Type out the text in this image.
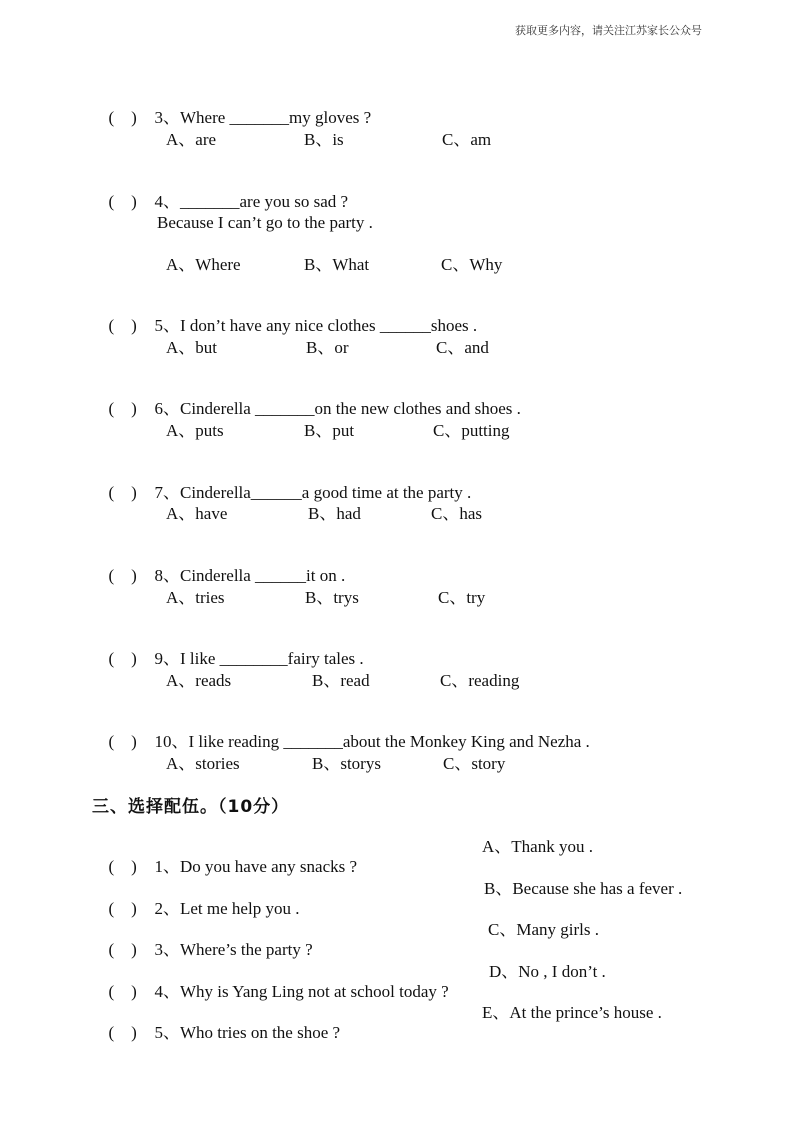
获取更多内容，请关注江苏家长公众号

(　) 3、Where _______my gloves ?

A、are	B、is	C、am

(　) 4、_______are you so sad ?

Because I can’t go to the party .
A、Where	B、What	C、Why

(　) 5、I don’t have any nice clothes ______shoes .

A、but	B、or	C、and

(　) 6、Cinderella _______on the new clothes and shoes .

A、puts	B、put	C、putting

(　) 7、Cinderella______a good time at the party .

A、have	B、had	C、has

(　) 8、Cinderella ______it on .

A、tries	B、trys	C、try

(　) 9、I like ________fairy tales .

A、reads	B、read	C、reading

(　) 10、I like reading _______about the Monkey King and Nezha .

A、stories	B、storys	C、story
三、选择配伍。（10分）

(　) 1、Do you have any snacks ?

A、Thank you .

(　) 2、Let me help you .

B、Because she has a fever .

(　) 3、Where’s the party ?

C、Many girls .

(　) 4、Why is Yang Ling not at school today ?

D、No , I don’t .

(　) 5、Who tries on the shoe ?

E、At the prince’s house .
